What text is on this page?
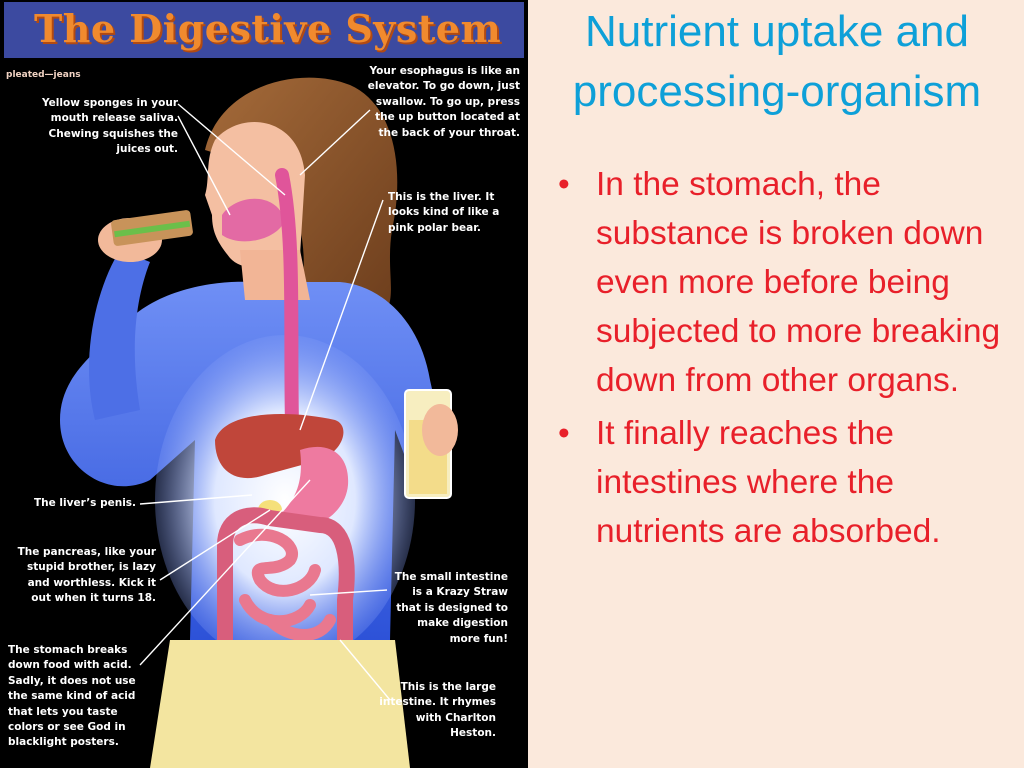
The Digestive System
pleated—jeans
Yellow sponges in your mouth release saliva. Chewing squishes the juices out.
Your esophagus is like an elevator. To go down, just swallow. To go up, press the up button located at the back of your throat.
This is the liver. It looks kind of like a pink polar bear.
The liver’s penis.
The pancreas, like your stupid brother, is lazy and worthless. Kick it out when it turns 18.
The small intestine is a Krazy Straw that is designed to make digestion more fun!
The stomach breaks down food with acid. Sadly, it does not use the same kind of acid that lets you taste colors or see God in blacklight posters.
This is the large intestine. It rhymes with Charlton Heston.
Nutrient uptake and processing-organism
• In the stomach, the substance is broken down even more before being subjected to more breaking down from other organs.
• It finally reaches the intestines where the nutrients are absorbed.
